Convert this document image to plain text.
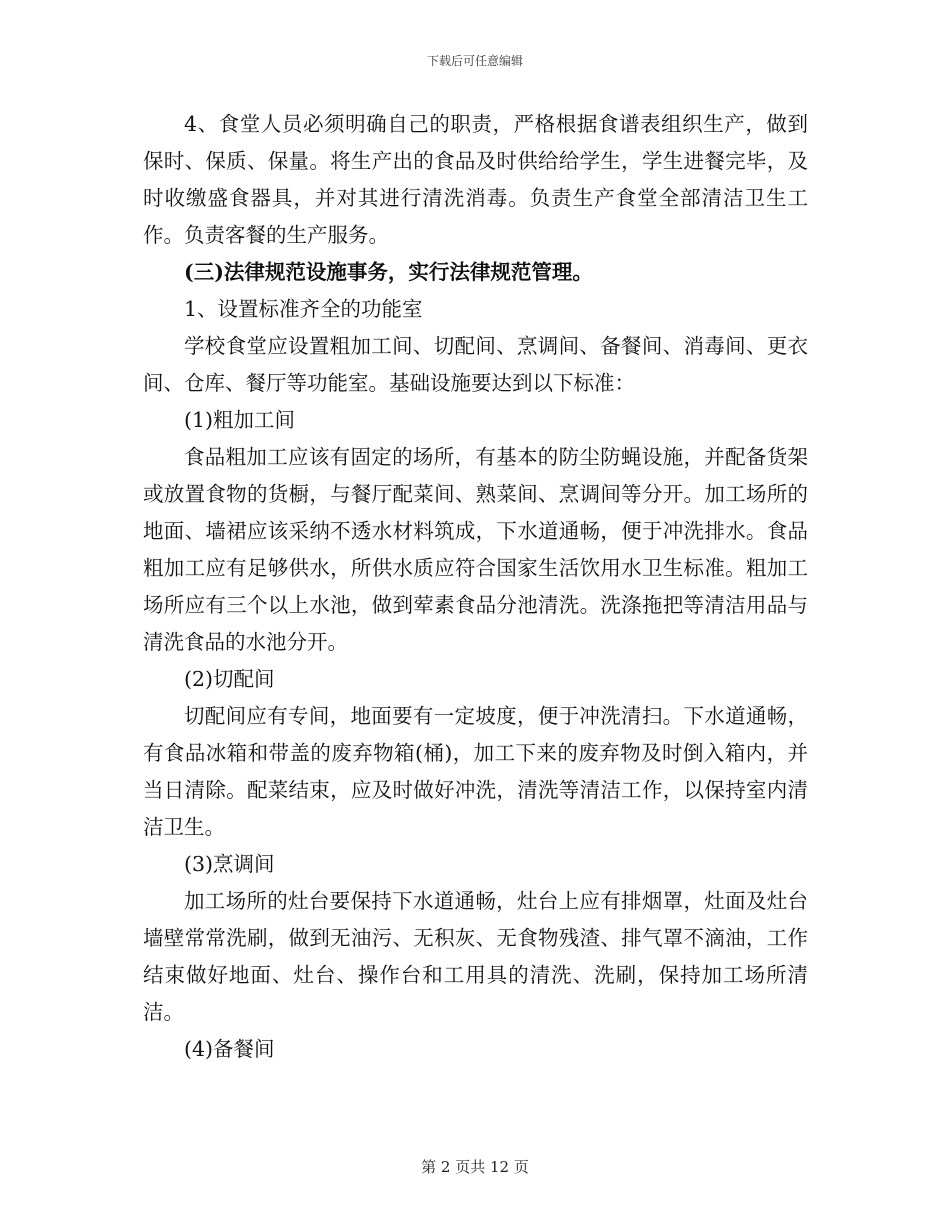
下载后可任意编辑

4、食堂人员必须明确自己的职责，严格根据食谱表组织生产，做到保时、保质、保量。将生产出的食品及时供给给学生，学生进餐完毕，及时收缴盛食器具，并对其进行清洗消毒。负责生产食堂全部清洁卫生工作。负责客餐的生产服务。

(三)法律规范设施事务，实行法律规范管理。

1、设置标准齐全的功能室

学校食堂应设置粗加工间、切配间、烹调间、备餐间、消毒间、更衣间、仓库、餐厅等功能室。基础设施要达到以下标准：

(1)粗加工间

食品粗加工应该有固定的场所，有基本的防尘防蝇设施，并配备货架或放置食物的货橱，与餐厅配菜间、熟菜间、烹调间等分开。加工场所的地面、墙裙应该采纳不透水材料筑成，下水道通畅，便于冲洗排水。食品粗加工应有足够供水，所供水质应符合国家生活饮用水卫生标准。粗加工场所应有三个以上水池，做到荤素食品分池清洗。洗涤拖把等清洁用品与清洗食品的水池分开。

(2)切配间

切配间应有专间，地面要有一定坡度，便于冲洗清扫。下水道通畅，有食品冰箱和带盖的废弃物箱(桶)，加工下来的废弃物及时倒入箱内，并当日清除。配菜结束，应及时做好冲洗，清洗等清洁工作，以保持室内清洁卫生。

(3)烹调间

加工场所的灶台要保持下水道通畅，灶台上应有排烟罩，灶面及灶台墙壁常常洗刷，做到无油污、无积灰、无食物残渣、排气罩不滴油，工作结束做好地面、灶台、操作台和工用具的清洗、洗刷，保持加工场所清洁。

(4)备餐间

第 2 页共 12 页
